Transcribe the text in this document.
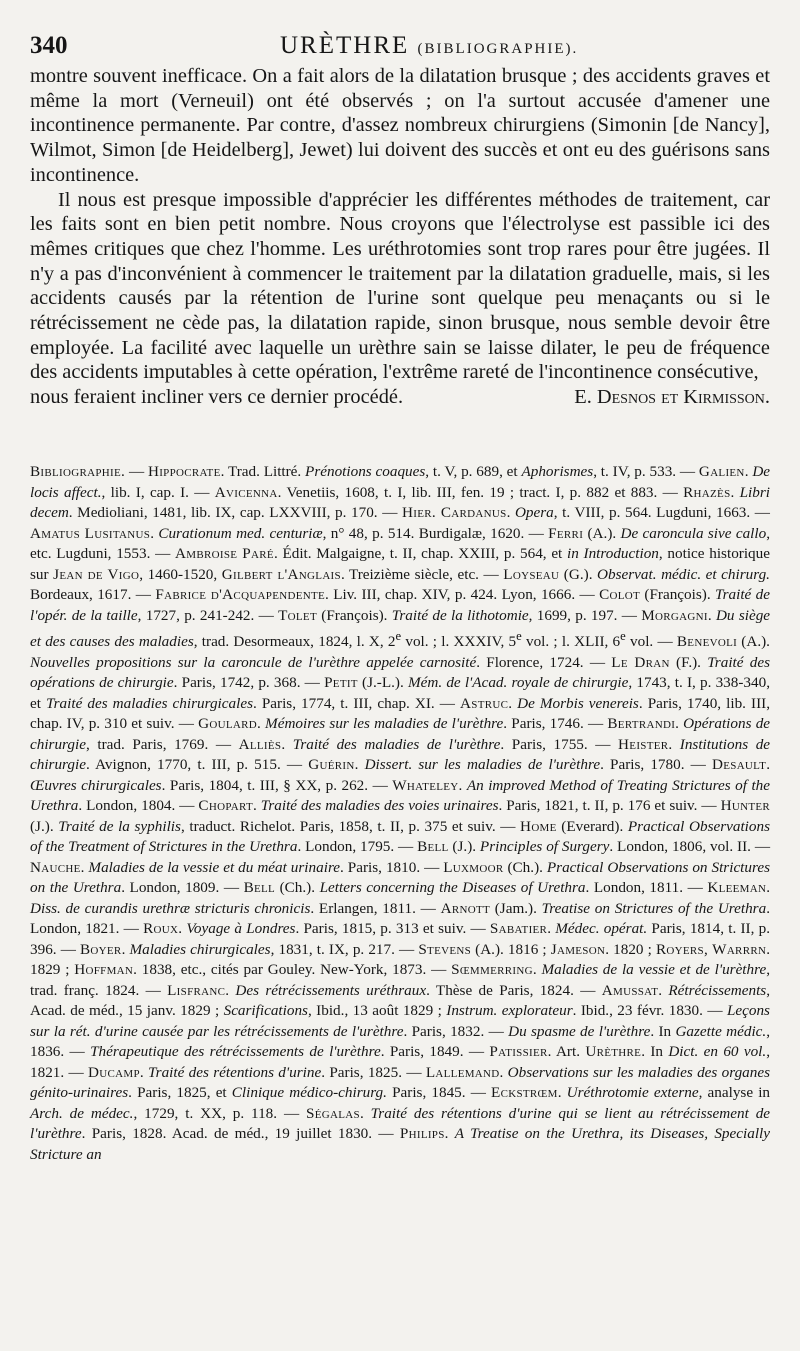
340	URÈTHRE (BIBLIOGRAPHIE).

montre souvent inefficace. On a fait alors de la dilatation brusque ; des accidents graves et même la mort (Verneuil) ont été observés ; on l'a surtout accusée d'amener une incontinence permanente. Par contre, d'assez nombreux chirurgiens (Simonin [de Nancy], Wilmot, Simon [de Heidelberg], Jewet) lui doivent des succès et ont eu des guérisons sans incontinence.

Il nous est presque impossible d'apprécier les différentes méthodes de traitement, car les faits sont en bien petit nombre. Nous croyons que l'électrolyse est passible ici des mêmes critiques que chez l'homme. Les uréthrotomies sont trop rares pour être jugées. Il n'y a pas d'inconvénient à commencer le traitement par la dilatation graduelle, mais, si les accidents causés par la rétention de l'urine sont quelque peu menaçants ou si le rétrécissement ne cède pas, la dilatation rapide, sinon brusque, nous semble devoir être employée. La facilité avec laquelle un urèthre sain se laisse dilater, le peu de fréquence des accidents imputables à cette opération, l'extrême rareté de l'incontinence consécutive,

nous feraient incliner vers ce dernier procédé.	E. Desnos et Kirmisson.

Bibliographie. — Hippocrate. Trad. Littré. Prénotions coaques, t. V, p. 689, et Aphorismes, t. IV, p. 533. — Galien. De locis affect., lib. I, cap. I. — Avicenna. Venetiis, 1608, t. I, lib. III, fen. 19 ; tract. I, p. 882 et 883. — Rhazès. Libri decem. Medioliani, 1481, lib. IX, cap. LXXVIII, p. 170. — Hier. Cardanus. Opera, t. VIII, p. 564. Lugduni, 1663. — Amatus Lusitanus. Curationum med. centuriæ, n° 48, p. 514. Burdigalæ, 1620. — Ferri (A.). De caroncula sive callo, etc. Lugduni, 1553. — Ambroise Paré. Édit. Malgaigne, t. II, chap. XXIII, p. 564, et in Introduction, notice historique sur Jean de Vigo, 1460-1520, Gilbert l'Anglais. Treizième siècle, etc. — Loyseau (G.). Observat. médic. et chirurg. Bordeaux, 1617. — Fabrice d'Acquapendente. Liv. III, chap. XIV, p. 424. Lyon, 1666. — Colot (François). Traité de l'opér. de la taille, 1727, p. 241-242. — Tolet (François). Traité de la lithotomie, 1699, p. 197. — Morgagni. Du siège et des causes des maladies, trad. Desormeaux, 1824, l. X, 2e vol. ; l. XXXIV, 5e vol. ; l. XLII, 6e vol. — Benevoli (A.). Nouvelles propositions sur la caroncule de l'urèthre appelée carnosité. Florence, 1724. — Le Dran (F.). Traité des opérations de chirurgie. Paris, 1742, p. 368. — Petit (J.-L.). Mém. de l'Acad. royale de chirurgie, 1743, t. I, p. 338-340, et Traité des maladies chirurgicales. Paris, 1774, t. III, chap. XI. — Astruc. De Morbis venereis. Paris, 1740, lib. III, chap. IV, p. 310 et suiv. — Goulard. Mémoires sur les maladies de l'urèthre. Paris, 1746. — Bertrandi. Opérations de chirurgie, trad. Paris, 1769. — Alliès. Traité des maladies de l'urèthre. Paris, 1755. — Heister. Institutions de chirurgie. Avignon, 1770, t. III, p. 515. — Guérin. Dissert. sur les maladies de l'urèthre. Paris, 1780. — Desault. Œuvres chirurgicales. Paris, 1804, t. III, § XX, p. 262. — Whateley. An improved Method of Treating Strictures of the Urethra. London, 1804. — Chopart. Traité des maladies des voies urinaires. Paris, 1821, t. II, p. 176 et suiv. — Hunter (J.). Traité de la syphilis, traduct. Richelot. Paris, 1858, t. II, p. 375 et suiv. — Home (Everard). Practical Observations of the Treatment of Strictures in the Urethra. London, 1795. — Bell (J.). Principles of Surgery. London, 1806, vol. II. — Nauche. Maladies de la vessie et du méat urinaire. Paris, 1810. — Luxmoor (Ch.). Practical Observations on Strictures on the Urethra. London, 1809. — Bell (Ch.). Letters concerning the Diseases of Urethra. London, 1811. — Kleeman. Diss. de curandis urethræ stricturis chronicis. Erlangen, 1811. — Arnott (Jam.). Treatise on Strictures of the Urethra. London, 1821. — Roux. Voyage à Londres. Paris, 1815, p. 313 et suiv. — Sabatier. Médec. opérat. Paris, 1814, t. II, p. 396. — Boyer. Maladies chirurgicales, 1831, t. IX, p. 217. — Stevens (A.). 1816 ; Jameson. 1820 ; Royers, Warrrn. 1829 ; Hoffman. 1838, etc., cités par Gouley. New-York, 1873. — Sœmmerring. Maladies de la vessie et de l'urèthre, trad. franç. 1824. — Lisfranc. Des rétrécissements uréthraux. Thèse de Paris, 1824. — Amussat. Rétrécissements, Acad. de méd., 15 janv. 1829 ; Scarifications, Ibid., 13 août 1829 ; Instrum. explorateur. Ibid., 23 févr. 1830. — Leçons sur la rét. d'urine causée par les rétrécissements de l'urèthre. Paris, 1832. — Du spasme de l'urèthre. In Gazette médic., 1836. — Thérapeutique des rétrécissements de l'urèthre. Paris, 1849. — Patissier. Art. Urèthre. In Dict. en 60 vol., 1821. — Ducamp. Traité des rétentions d'urine. Paris, 1825. — Lallemand. Observations sur les maladies des organes génito-urinaires. Paris, 1825, et Clinique médico-chirurg. Paris, 1845. — Eckstrœm. Uréthrotomie externe, analyse in Arch. de médec., 1729, t. XX, p. 118. — Ségalas. Traité des rétentions d'urine qui se lient au rétrécissement de l'urèthre. Paris, 1828. Acad. de méd., 19 juillet 1830. — Philips. A Treatise on the Urethra, its Diseases, Specially Stricture an
